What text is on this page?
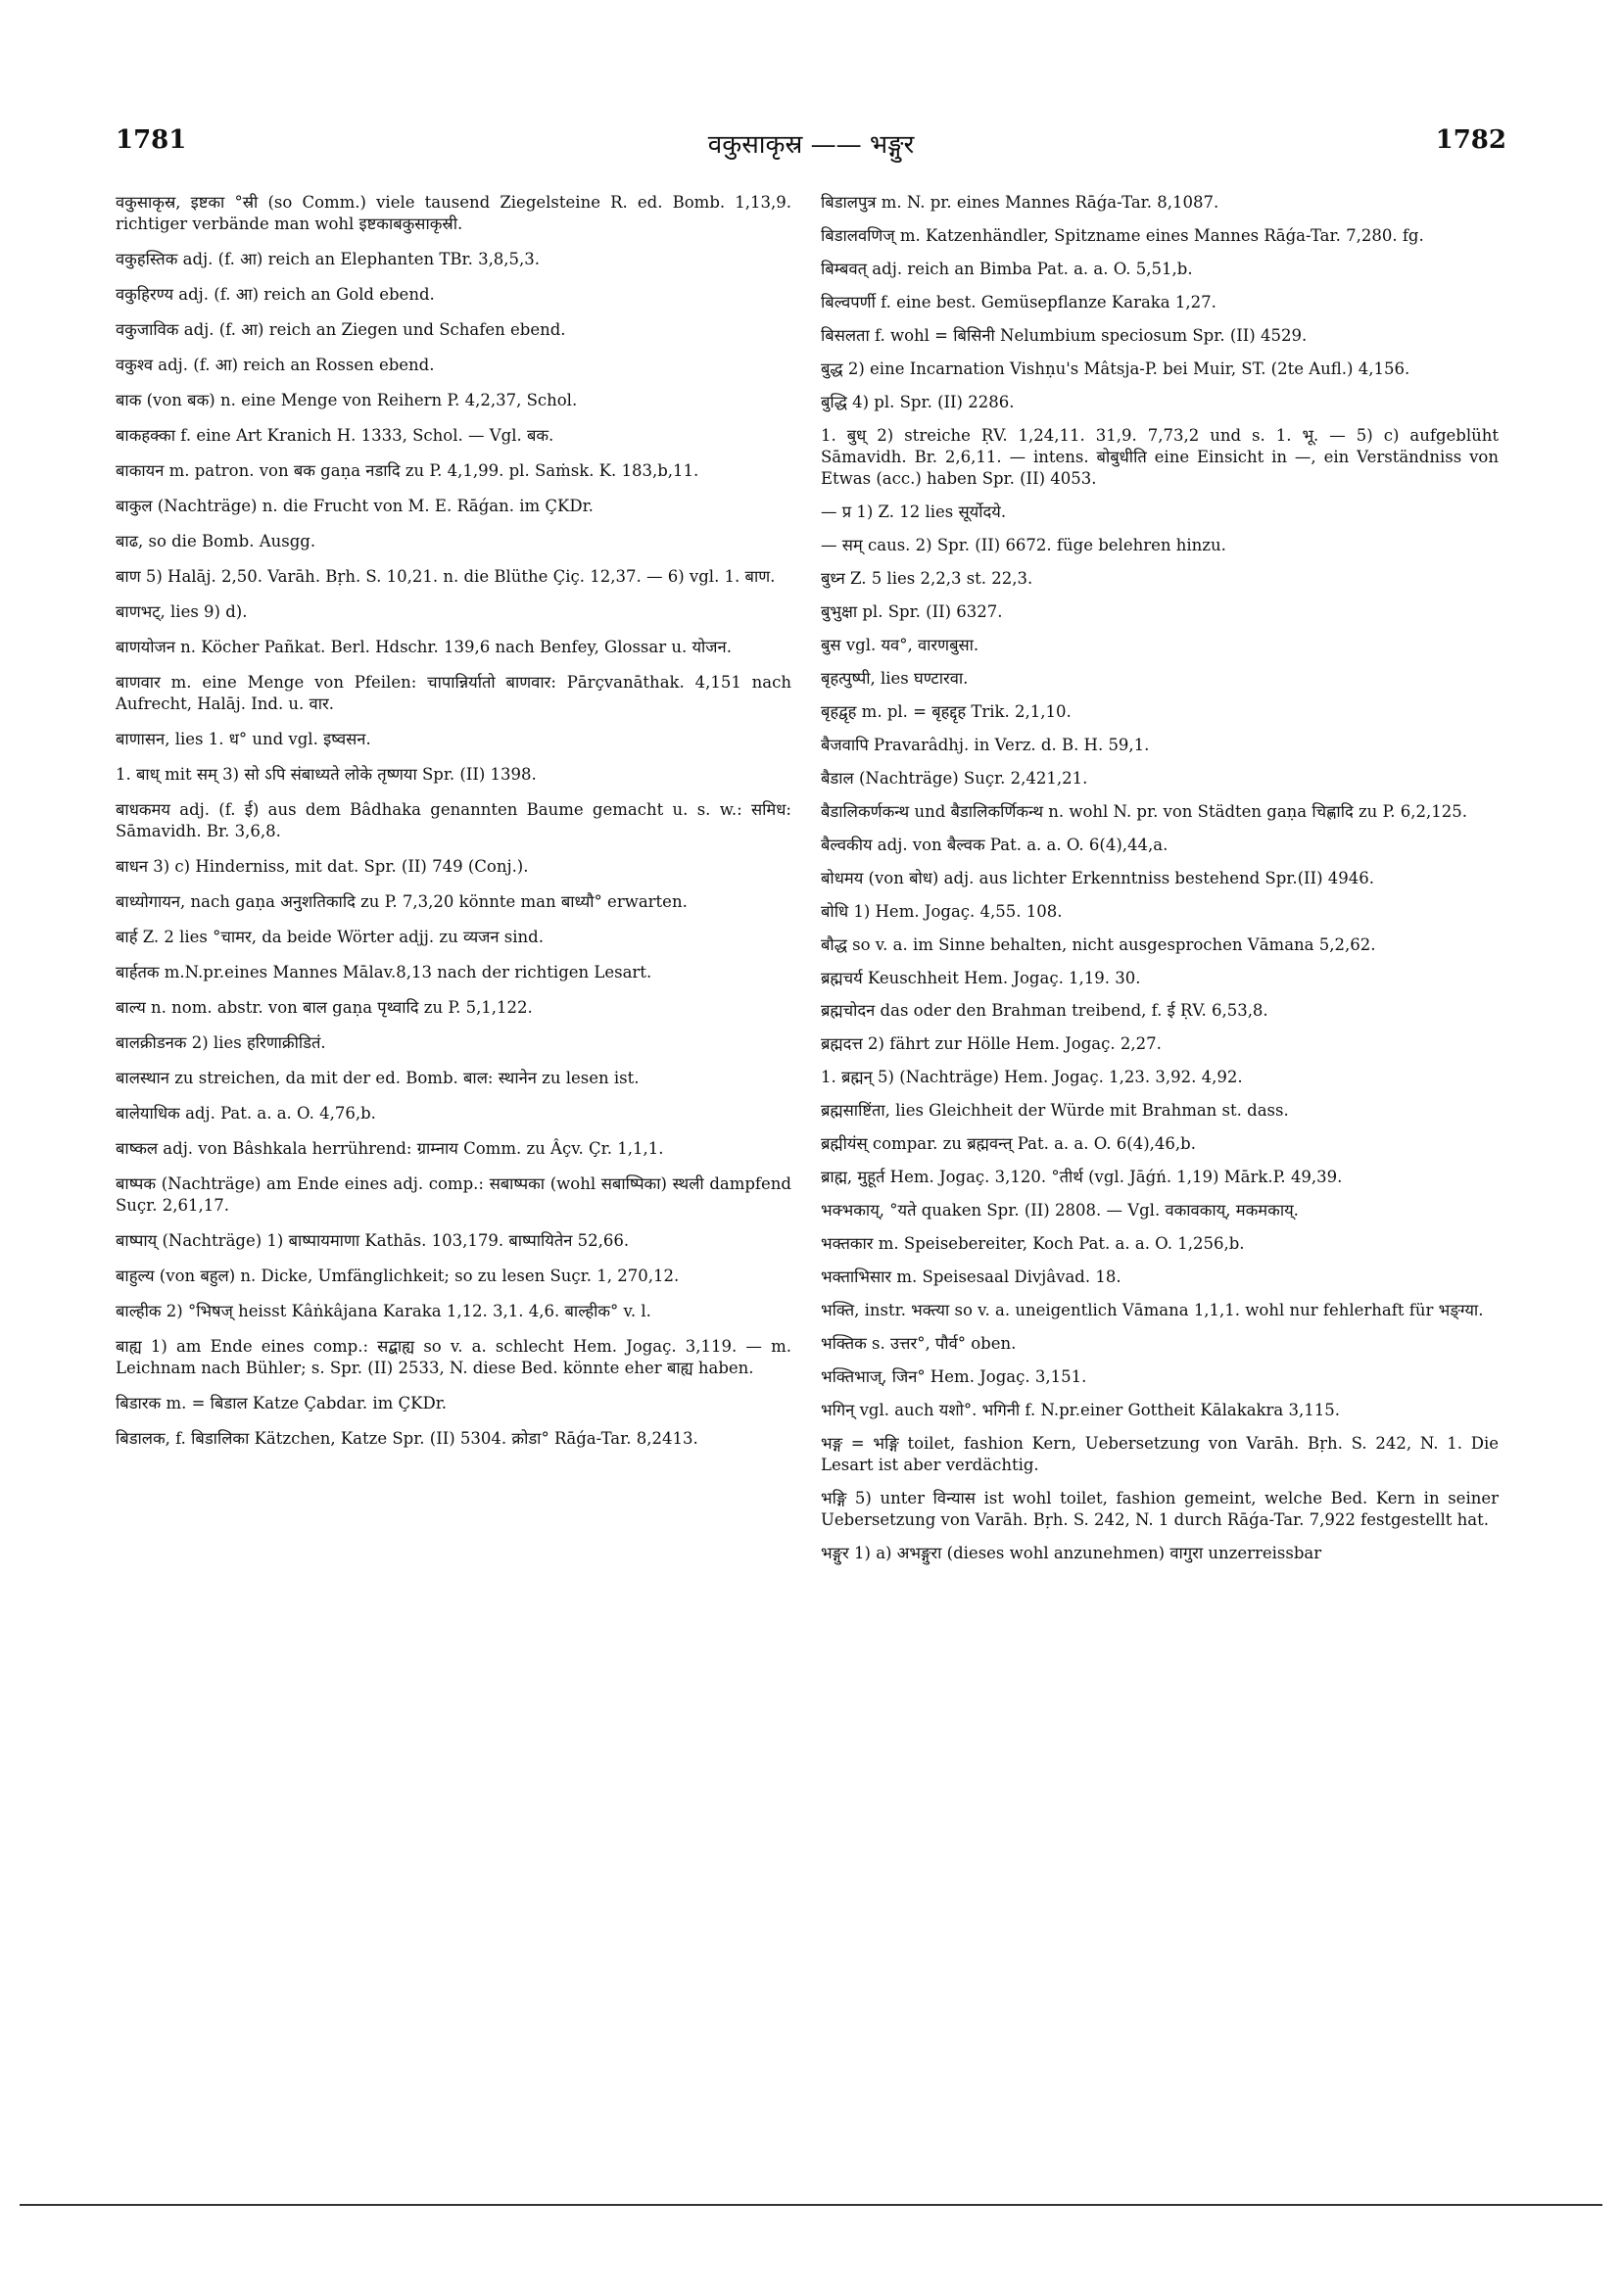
1781	वकुसाकृस्र —— भङ्गुर	1782

वकुसाकृस्र, इष्टका °स्री (so Comm.) viele tausend Ziegelsteine R. ed. Bomb. 1,13,9. richtiger verbände man wohl इष्टकाबकुसाकृस्री.

वकुहस्तिक adj. (f. आ) reich an Elephanten TBr. 3,8,5,3.

वकुहिरण्य adj. (f. आ) reich an Gold ebend.

वकुजाविक adj. (f. आ) reich an Ziegen und Schafen ebend.

वकुश्व adj. (f. आ) reich an Rossen ebend.

बाक (von बक) n. eine Menge von Reihern P. 4,2,37, Schol.

बाकहक्का f. eine Art Kranich H. 1333, Schol. — Vgl. बक.

बाकायन m. patron. von बक gaṇa नडादि zu P. 4,1,99. pl. Saṁsk. K. 183,b,11.

बाकुल (Nachträge) n. die Frucht von M. E. Rāǵan. im ÇKDr.

बाढ, so die Bomb. Ausgg.

बाण 5) Halāj. 2,50. Varāh. Bṛh. S. 10,21. n. die Blüthe Çiç. 12,37. — 6) vgl. 1. बाण.

बाणभट्, lies 9) d).

बाणयोजन n. Köcher Pañkat. Berl. Hdschr. 139,6 nach Benfey, Glossar u. योजन.

बाणवार m. eine Menge von Pfeilen: चापान्निर्यातो बाणवार: Pārçvanāthak. 4,151 nach Aufrecht, Halāj. Ind. u. वार.

बाणासन, lies 1. ध° und vgl. इष्वसन.

1. बाध् mit सम् 3) सो ऽपि संबाध्यते लोके तृष्णया Spr. (II) 1398.

बाधकमय adj. (f. ई) aus dem Bâdhaka genannten Baume gemacht u. s. w.: समिध: Sāmavidh. Br. 3,6,8.

बाधन 3) c) Hinderniss, mit dat. Spr. (II) 749 (Conj.).

बाध्योगायन, nach gaṇa अनुशतिकादि zu P. 7,3,20 könnte man बाध्यौ° erwarten.

बार्ह Z. 2 lies °चामर, da beide Wörter adjj. zu व्यजन sind.

बार्हतक m.N.pr.eines Mannes Mālav.8,13 nach der richtigen Lesart.

बाल्य n. nom. abstr. von बाल gaṇa पृथ्वादि zu P. 5,1,122.

बालक्रीडनक 2) lies हरिणाक्रीडितं.

बालस्थान zu streichen, da mit der ed. Bomb. बाल: स्थानेन zu lesen ist.

बालेयाधिक adj. Pat. a. a. O. 4,76,b.

बाष्कल adj. von Bâshkala herrührend: ग्राम्नाय Comm. zu Âçv. Çr. 1,1,1.

बाष्पक (Nachträge) am Ende eines adj. comp.: सबाष्पका (wohl सबाष्पिका) स्थली dampfend Suçr. 2,61,17.

बाष्पाय् (Nachträge) 1) बाष्पायमाणा Kathās. 103,179. बाष्पायितेन 52,66.

बाहुल्य (von बहुल) n. Dicke, Umfänglichkeit; so zu lesen Suçr. 1, 270,12.

बाल्हीक 2) °भिषज् heisst Kâṅkâjana Karaka 1,12. 3,1. 4,6. बाल्हीक° v. l.

बाह्य 1) am Ende eines comp.: सद्बाह्य so v. a. schlecht Hem. Jogaç. 3,119. — m. Leichnam nach Bühler; s. Spr. (II) 2533, N. diese Bed. könnte eher बाह्य haben.

बिडारक m. = बिडाल Katze Çabdar. im ÇKDr.

बिडालक, f. बिडालिका Kätzchen, Katze Spr. (II) 5304. क्रोडा° Rāǵa-Tar. 8,2413.

बिडालपुत्र m. N. pr. eines Mannes Rāǵa-Tar. 8,1087.

बिडालवणिज् m. Katzenhändler, Spitzname eines Mannes Rāǵa-Tar. 7,280. fg.

बिम्बवत् adj. reich an Bimba Pat. a. a. O. 5,51,b.

बिल्वपर्णी f. eine best. Gemüsepflanze Karaka 1,27.

बिसलता f. wohl = बिसिनी Nelumbium speciosum Spr. (II) 4529.

बुद्ध 2) eine Incarnation Vishṇu's Mâtsja-P. bei Muir, ST. (2te Aufl.) 4,156.

बुद्धि 4) pl. Spr. (II) 2286.

1. बुध् 2) streiche ṚV. 1,24,11. 31,9. 7,73,2 und s. 1. भू. — 5) c) aufgeblüht Sāmavidh. Br. 2,6,11. — intens. बोबुधीति eine Einsicht in —, ein Verständniss von Etwas (acc.) haben Spr. (II) 4053.

— प्र 1) Z. 12 lies सूर्योदये.

— सम् caus. 2) Spr. (II) 6672. füge belehren hinzu.

बुध्न Z. 5 lies 2,2,3 st. 22,3.

बुभुक्षा pl. Spr. (II) 6327.

बुस vgl. यव°, वारणबुसा.

बृहत्पुष्पी, lies घण्टारवा.

बृहद्वृह m. pl. = बृहद्दृह Trik. 2,1,10.

बैजवापि Pravarâdhj. in Verz. d. B. H. 59,1.

बैडाल (Nachträge) Suçr. 2,421,21.

बैडालिकर्णकन्थ und बैडालिकर्णिकन्थ n. wohl N. pr. von Städten gaṇa चिह्णादि zu P. 6,2,125.

बैल्वकीय adj. von बैल्वक Pat. a. a. O. 6(4),44,a.

बोधमय (von बोध) adj. aus lichter Erkenntniss bestehend Spr.(II) 4946.

बोधि 1) Hem. Jogaç. 4,55. 108.

बौद्ध so v. a. im Sinne behalten, nicht ausgesprochen Vāmana 5,2,62.

ब्रह्मचर्य Keuschheit Hem. Jogaç. 1,19. 30.

ब्रह्मचोदन das oder den Brahman treibend, f. ई ṚV. 6,53,8.

ब्रह्मदत्त 2) fährt zur Hölle Hem. Jogaç. 2,27.

1. ब्रह्मन् 5) (Nachträge) Hem. Jogaç. 1,23. 3,92. 4,92.

ब्रह्मसाष्टिंता, lies Gleichheit der Würde mit Brahman st. dass.

ब्रह्मीयंस् compar. zu ब्रह्मवन्त् Pat. a. a. O. 6(4),46,b.

ब्राह्म, मुहूर्त Hem. Jogaç. 3,120. °तीर्थ (vgl. Jāǵń. 1,19) Mārk.P. 49,39.

भक्भकाय्, °यते quaken Spr. (II) 2808. — Vgl. वकावकाय्, मकमकाय्.

भक्तकार m. Speisebereiter, Koch Pat. a. a. O. 1,256,b.

भक्ताभिसार m. Speisesaal Divjâvad. 18.

भक्ति, instr. भक्त्या so v. a. uneigentlich Vāmana 1,1,1. wohl nur fehlerhaft für भङ्ग्या.

भक्तिक s. उत्तर°, पौर्व° oben.

भक्तिभाज्, जिन° Hem. Jogaç. 3,151.

भगिन् vgl. auch यशो°. भगिनी f. N.pr.einer Gottheit Kālakakra 3,115.

भङ्ग = भङ्गि toilet, fashion Kern, Uebersetzung von Varāh. Bṛh. S. 242, N. 1. Die Lesart ist aber verdächtig.

भङ्गि 5) unter विन्यास ist wohl toilet, fashion gemeint, welche Bed. Kern in seiner Uebersetzung von Varāh. Bṛh. S. 242, N. 1 durch Rāǵa-Tar. 7,922 festgestellt hat.

भङ्गुर 1) a) अभङ्गुरा (dieses wohl anzunehmen) वागुरा unzerreissbar
